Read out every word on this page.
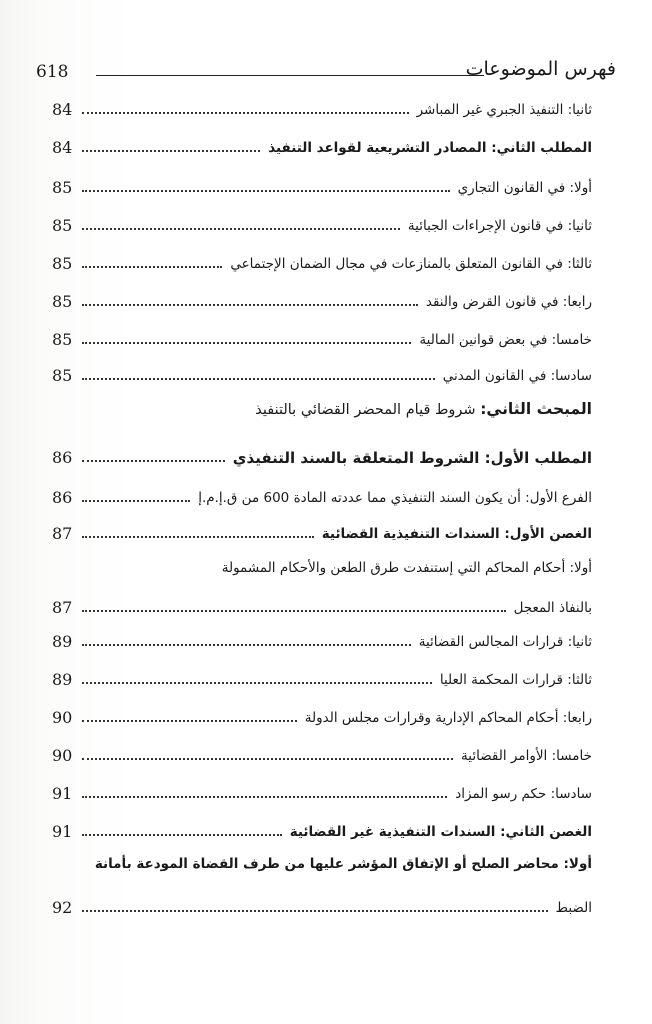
618	فهرس الموضوعات
ثانيا: التنفيذ الجبري غير المباشر
84
المطلب الثاني: المصادر التشريعية لقواعد التنفيذ
84
أولا: في القانون التجاري
85
ثانيا: في قانون الإجراءات الجبائية
85
ثالثا: في القانون المتعلق بالمنازعات في مجال الضمان الإجتماعي
85
رابعا: في قانون القرض والنقد
85
خامسا: في بعض قوانين المالية
85
سادسا: في القانون المدني
85
المبحث الثاني: شروط قيام المحضر القضائي بالتنفيذ
المطلب الأول: الشروط المتعلقة بالسند التنفيذي
86
الفرع الأول: أن يكون السند التنفيذي مما عددته المادة 600 من ق.إ.م.إ
86
الغصن الأول: السندات التنفيذية القضائية
87
أولا: أحكام المحاكم التي إستنفدت طرق الطعن والأحكام المشمولة
بالنفاذ المعجل
87
ثانيا: قرارات المجالس القضائية
89
ثالثا: قرارات المحكمة العليا
89
رابعا: أحكام المحاكم الإدارية وقرارات مجلس الدولة
90
خامسا: الأوامر القضائية
90
سادسا: حكم رسو المزاد
91
الغصن الثاني: السندات التنفيذية غير القضائية
91
أولا: محاضر الصلح أو الإتفاق المؤشر عليها من طرف القضاة المودعة بأمانة
الضبط
92
